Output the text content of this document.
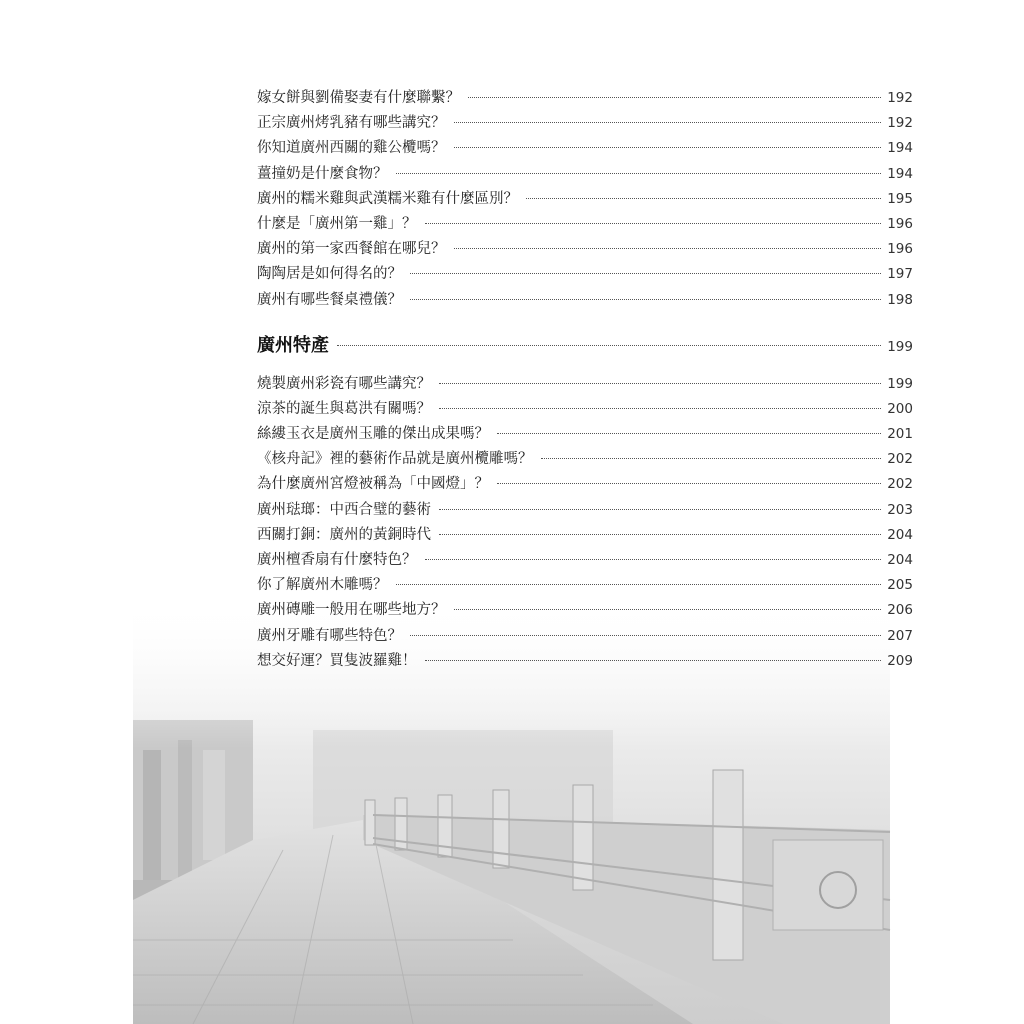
嫁女餅與劉備娶妻有什麼聯繫？	192
正宗廣州烤乳豬有哪些講究？	192
你知道廣州西關的雞公欖嗎？	194
薑撞奶是什麼食物？	194
廣州的糯米雞與武漢糯米雞有什麼區別？	195
什麼是「廣州第一雞」？	196
廣州的第一家西餐館在哪兒？	196
陶陶居是如何得名的？	197
廣州有哪些餐桌禮儀？	198
廣州特產	199
燒製廣州彩瓷有哪些講究？	199
涼茶的誕生與葛洪有關嗎？	200
絲縷玉衣是廣州玉雕的傑出成果嗎？	201
《核舟記》裡的藝術作品就是廣州欖雕嗎？	202
為什麼廣州宮燈被稱為「中國燈」？	202
廣州琺瑯：中西合璧的藝術	203
西關打銅：廣州的黃銅時代	204
廣州檀香扇有什麼特色？	204
你了解廣州木雕嗎？	205
廣州磚雕一般用在哪些地方？	206
廣州牙雕有哪些特色？	207
想交好運？買隻波羅雞！	209
